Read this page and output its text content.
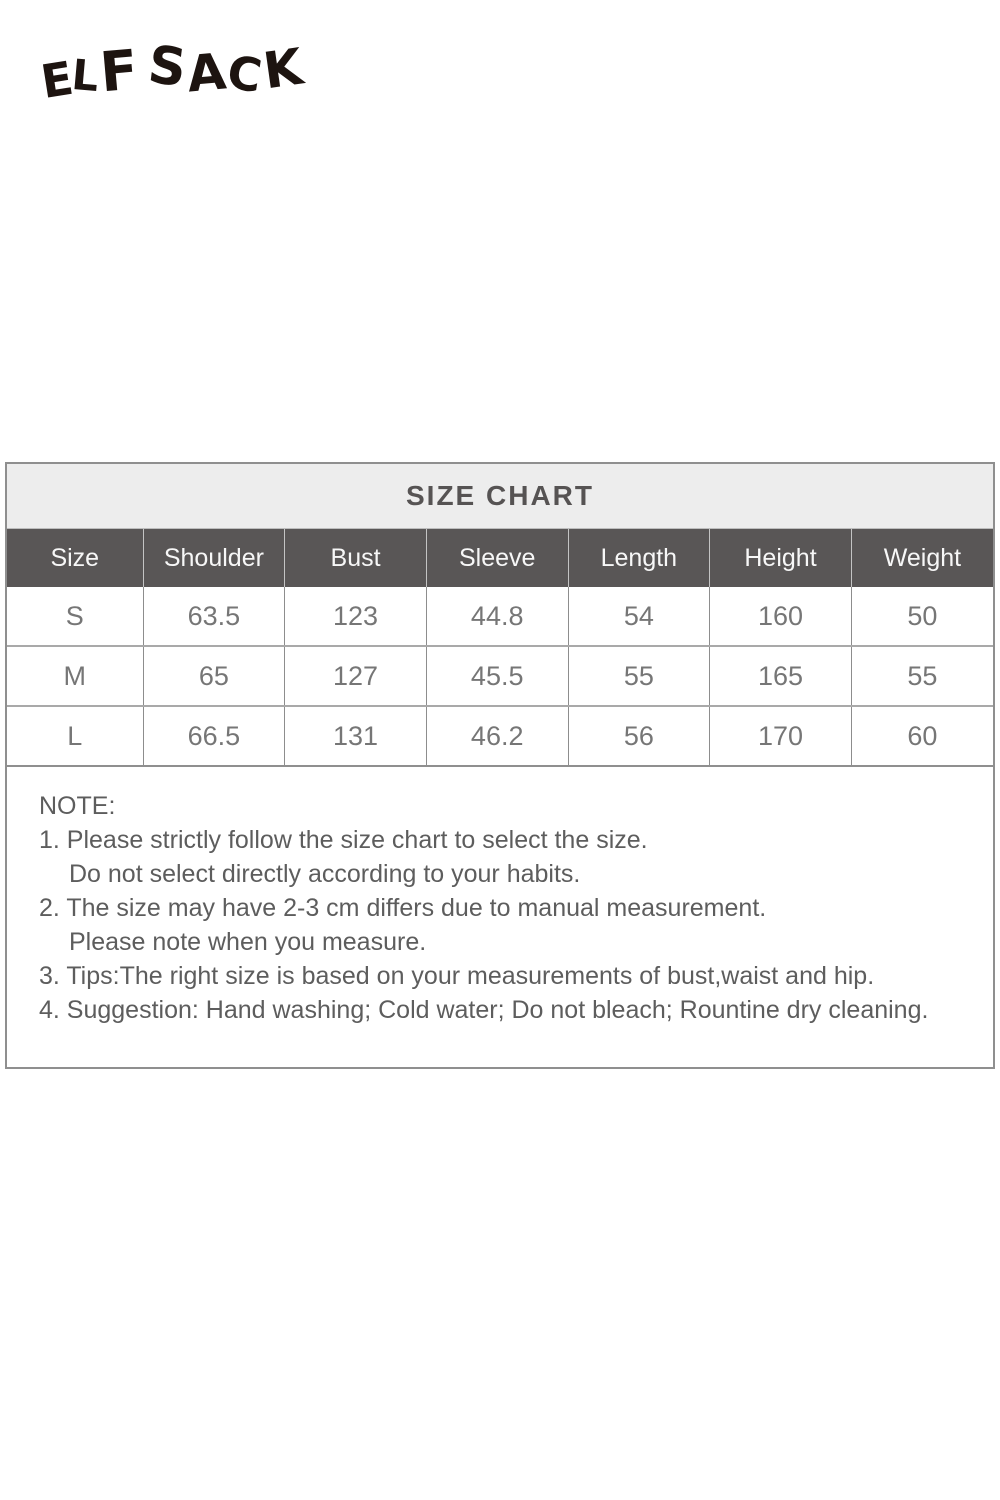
ELFSACK
SIZE CHART
Size	Shoulder	Bust	Sleeve	Length	Height	Weight
S	63.5	123	44.8	54	160	50
M	65	127	45.5	55	165	55
L	66.5	131	46.2	56	170	60
NOTE:
1. Please strictly follow the size chart to select the size.
Do not select directly according to your habits.
2. The size may have 2-3 cm differs due to manual measurement.
Please note when you measure.
3. Tips:The right size is based on your measurements of bust,waist and hip.
4. Suggestion: Hand washing; Cold water; Do not bleach; Rountine dry cleaning.
